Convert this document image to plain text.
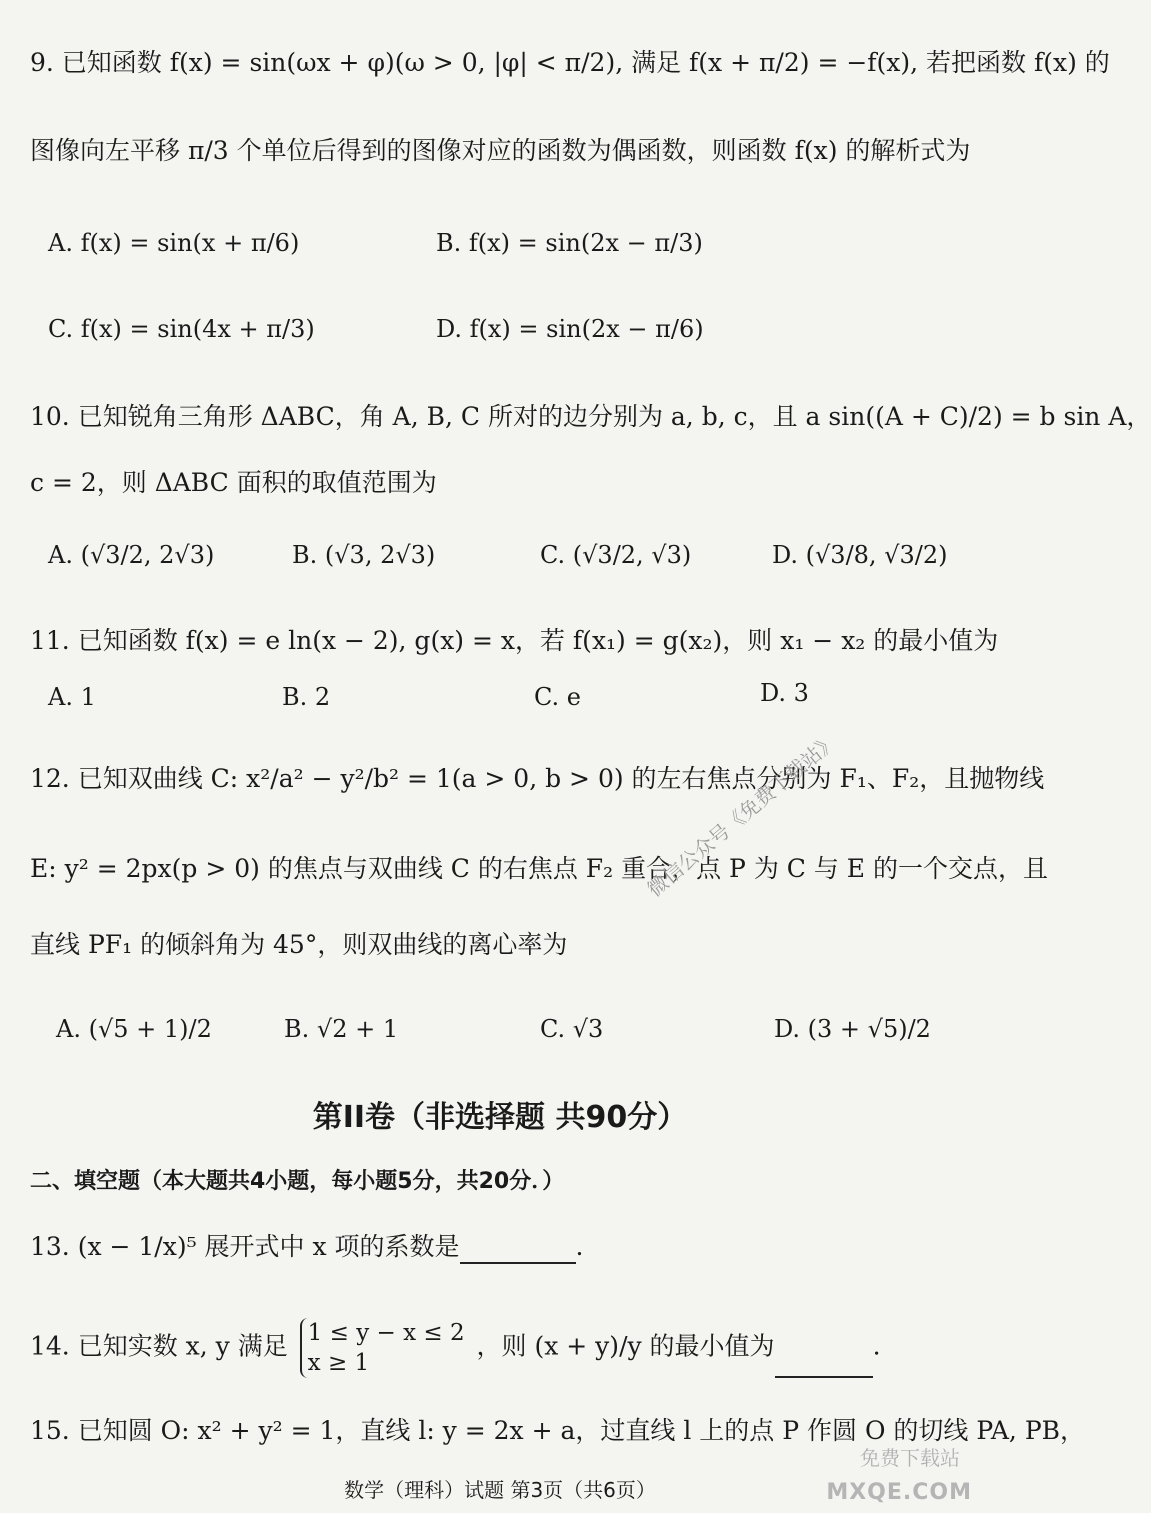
9. 已知函数 f(x) = sin(ωx + φ)(ω > 0, |φ| < π/2), 满足 f(x + π/2) = −f(x), 若把函数 f(x) 的
图像向左平移 π/3 个单位后得到的图像对应的函数为偶函数，则函数 f(x) 的解析式为
A. f(x) = sin(x + π/6)	B. f(x) = sin(2x − π/3)
C. f(x) = sin(4x + π/3)	D. f(x) = sin(2x − π/6)
10. 已知锐角三角形 ΔABC，角 A, B, C 所对的边分别为 a, b, c，且 a sin((A + C)/2) = b sin A，
c = 2，则 ΔABC 面积的取值范围为
A. (√3/2, 2√3)	B. (√3, 2√3)	C. (√3/2, √3)	D. (√3/8, √3/2)
11. 已知函数 f(x) = e ln(x − 2), g(x) = x，若 f(x₁) = g(x₂)，则 x₁ − x₂ 的最小值为
A. 1	B. 2	C. e	D. 3
12. 已知双曲线 C: x²/a² − y²/b² = 1(a > 0, b > 0) 的左右焦点分别为 F₁、F₂，且抛物线
E: y² = 2px(p > 0) 的焦点与双曲线 C 的右焦点 F₂ 重合，点 P 为 C 与 E 的一个交点，且
直线 PF₁ 的倾斜角为 45°，则双曲线的离心率为
A. (√5 + 1)/2	B. √2 + 1	C. √3	D. (3 + √5)/2
第II卷（非选择题 共90分）
二、填空题（本大题共4小题，每小题5分，共20分．）
13. (x − 1/x)⁵ 展开式中 x 项的系数是	.
14. 已知实数 x, y 满足 1 ≤ y − x ≤ 2
x ≥ 1
，则 (x + y)/y 的最小值为	.
15. 已知圆 O: x² + y² = 1，直线 l: y = 2x + a，过直线 l 上的点 P 作圆 O 的切线 PA, PB，
微信公众号《免费下载站》
数学（理科）试题 第3页（共6页）
免费下载站
MXQE.COM
